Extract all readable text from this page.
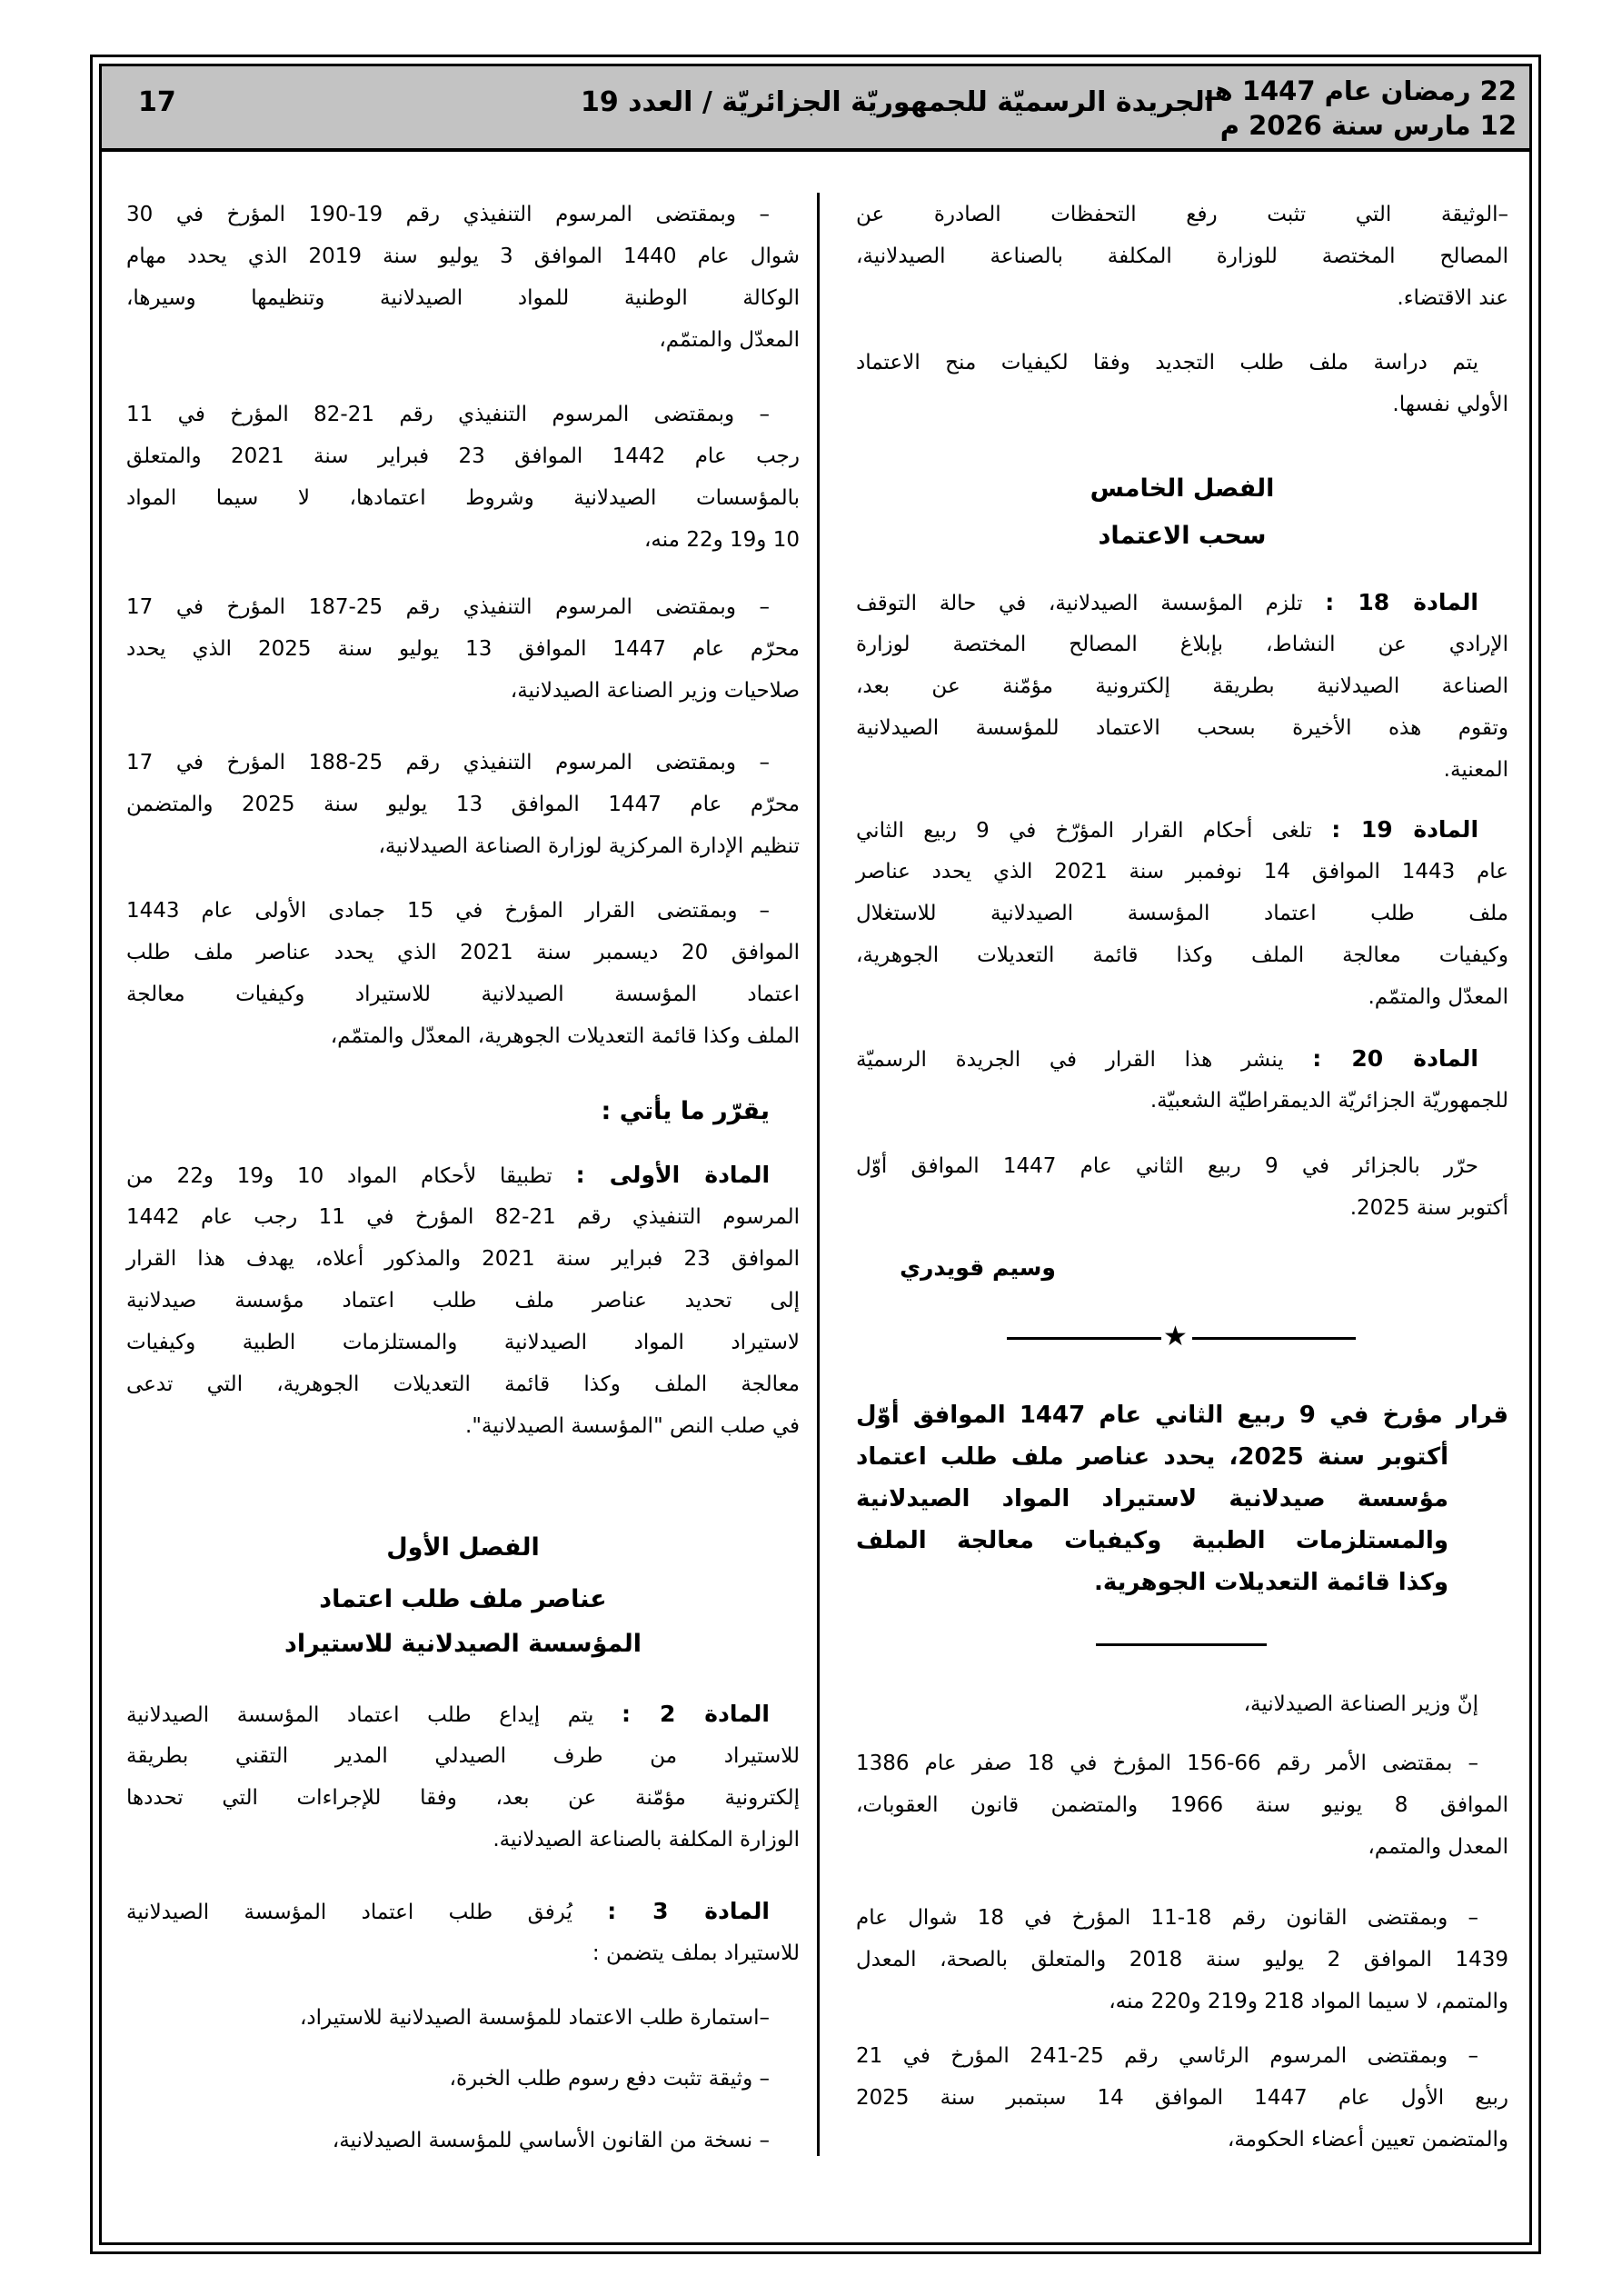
22 رمضان عام 1447 هـ
12 مارس سنة 2026 م
الجريدة الرسميّة للجمهوريّة الجزائريّة / العدد 19
17
–الوثيقة التي تثبت رفع التحفظات الصادرة عن
المصالح المختصة للوزارة المكلفة بالصناعة الصيدلانية،
عند الاقتضاء.
يتم دراسة ملف طلب التجديد وفقا لكيفيات منح الاعتماد
الأولي نفسها.
الفصل الخامس
سحب الاعتماد
المادة 18 : تلزم المؤسسة الصيدلانية، في حالة التوقف
الإرادي عن النشاط، بإبلاغ المصالح المختصة لوزارة
الصناعة الصيدلانية بطريقة إلكترونية مؤمّنة عن بعد،
وتقوم هذه الأخيرة بسحب الاعتماد للمؤسسة الصيدلانية
المعنية.
المادة 19 : تلغى أحكام القرار المؤرّخ في 9 ربيع الثاني
عام 1443 الموافق 14 نوفمبر سنة 2021 الذي يحدد عناصر
ملف طلب اعتماد المؤسسة الصيدلانية للاستغلال
وكيفيات معالجة الملف وكذا قائمة التعديلات الجوهرية،
المعدّل والمتمّم.
المادة 20 : ينشر هذا القرار في الجريدة الرسميّة
للجمهوريّة الجزائريّة الديمقراطيّة الشعبيّة.
حرّر بالجزائر في 9 ربيع الثاني عام 1447 الموافق أوّل
أكتوبر سنة 2025.
وسيم قويدري
★
قرار مؤرخ في 9 ربيع الثاني عام 1447 الموافق أوّل
أكتوبر سنة 2025، يحدد عناصر ملف طلب اعتماد
مؤسسة صيدلانية لاستيراد المواد الصيدلانية
والمستلزمات الطبية وكيفيات معالجة الملف
وكذا قائمة التعديلات الجوهرية.
إنّ وزير الصناعة الصيدلانية،
– بمقتضى الأمر رقم 66-156 المؤرخ في 18 صفر عام 1386
الموافق 8 يونيو سنة 1966 والمتضمن قانون العقوبات،
المعدل والمتمم،
– وبمقتضى القانون رقم 18-11 المؤرخ في 18 شوال عام
1439 الموافق 2 يوليو سنة 2018 والمتعلق بالصحة، المعدل
والمتمم، لا سيما المواد 218 و219 و220 منه،
– وبمقتضى المرسوم الرئاسي رقم 25-241 المؤرخ في 21
ربيع الأول عام 1447 الموافق 14 سبتمبر سنة 2025
والمتضمن تعيين أعضاء الحكومة،
– وبمقتضى المرسوم التنفيذي رقم 19-190 المؤرخ في 30
شوال عام 1440 الموافق 3 يوليو سنة 2019 الذي يحدد مهام
الوكالة الوطنية للمواد الصيدلانية وتنظيمها وسيرها،
المعدّل والمتمّم،
– وبمقتضى المرسوم التنفيذي رقم 21-82 المؤرخ في 11
رجب عام 1442 الموافق 23 فبراير سنة 2021 والمتعلق
بالمؤسسات الصيدلانية وشروط اعتمادها، لا سيما المواد
10 و19 و22 منه،
– وبمقتضى المرسوم التنفيذي رقم 25-187 المؤرخ في 17
محرّم عام 1447 الموافق 13 يوليو سنة 2025 الذي يحدد
صلاحيات وزير الصناعة الصيدلانية،
– وبمقتضى المرسوم التنفيذي رقم 25-188 المؤرخ في 17
محرّم عام 1447 الموافق 13 يوليو سنة 2025 والمتضمن
تنظيم الإدارة المركزية لوزارة الصناعة الصيدلانية،
– وبمقتضى القرار المؤرخ في 15 جمادى الأولى عام 1443
الموافق 20 ديسمبر سنة 2021 الذي يحدد عناصر ملف طلب
اعتماد المؤسسة الصيدلانية للاستيراد وكيفيات معالجة
الملف وكذا قائمة التعديلات الجوهرية، المعدّل والمتمّم،
يقرّر ما يأتي :
المادة الأولى : تطبيقا لأحكام المواد 10 و19 و22 من
المرسوم التنفيذي رقم 21-82 المؤرخ في 11 رجب عام 1442
الموافق 23 فبراير سنة 2021 والمذكور أعلاه، يهدف هذا القرار
إلى تحديد عناصر ملف طلب اعتماد مؤسسة صيدلانية
لاستيراد المواد الصيدلانية والمستلزمات الطبية وكيفيات
معالجة الملف وكذا قائمة التعديلات الجوهرية، التي تدعى
في صلب النص "المؤسسة الصيدلانية".
الفصل الأول
عناصر ملف طلب اعتماد
المؤسسة الصيدلانية للاستيراد
المادة 2 : يتم إيداع طلب اعتماد المؤسسة الصيدلانية
للاستيراد من طرف الصيدلي المدير التقني بطريقة
إلكترونية مؤمّنة عن بعد، وفقا للإجراءات التي تحددها
الوزارة المكلفة بالصناعة الصيدلانية.
المادة 3 : يُرفق طلب اعتماد المؤسسة الصيدلانية
للاستيراد بملف يتضمن :
–استمارة طلب الاعتماد للمؤسسة الصيدلانية للاستيراد،
– وثيقة تثبت دفع رسوم طلب الخبرة،
– نسخة من القانون الأساسي للمؤسسة الصيدلانية،
